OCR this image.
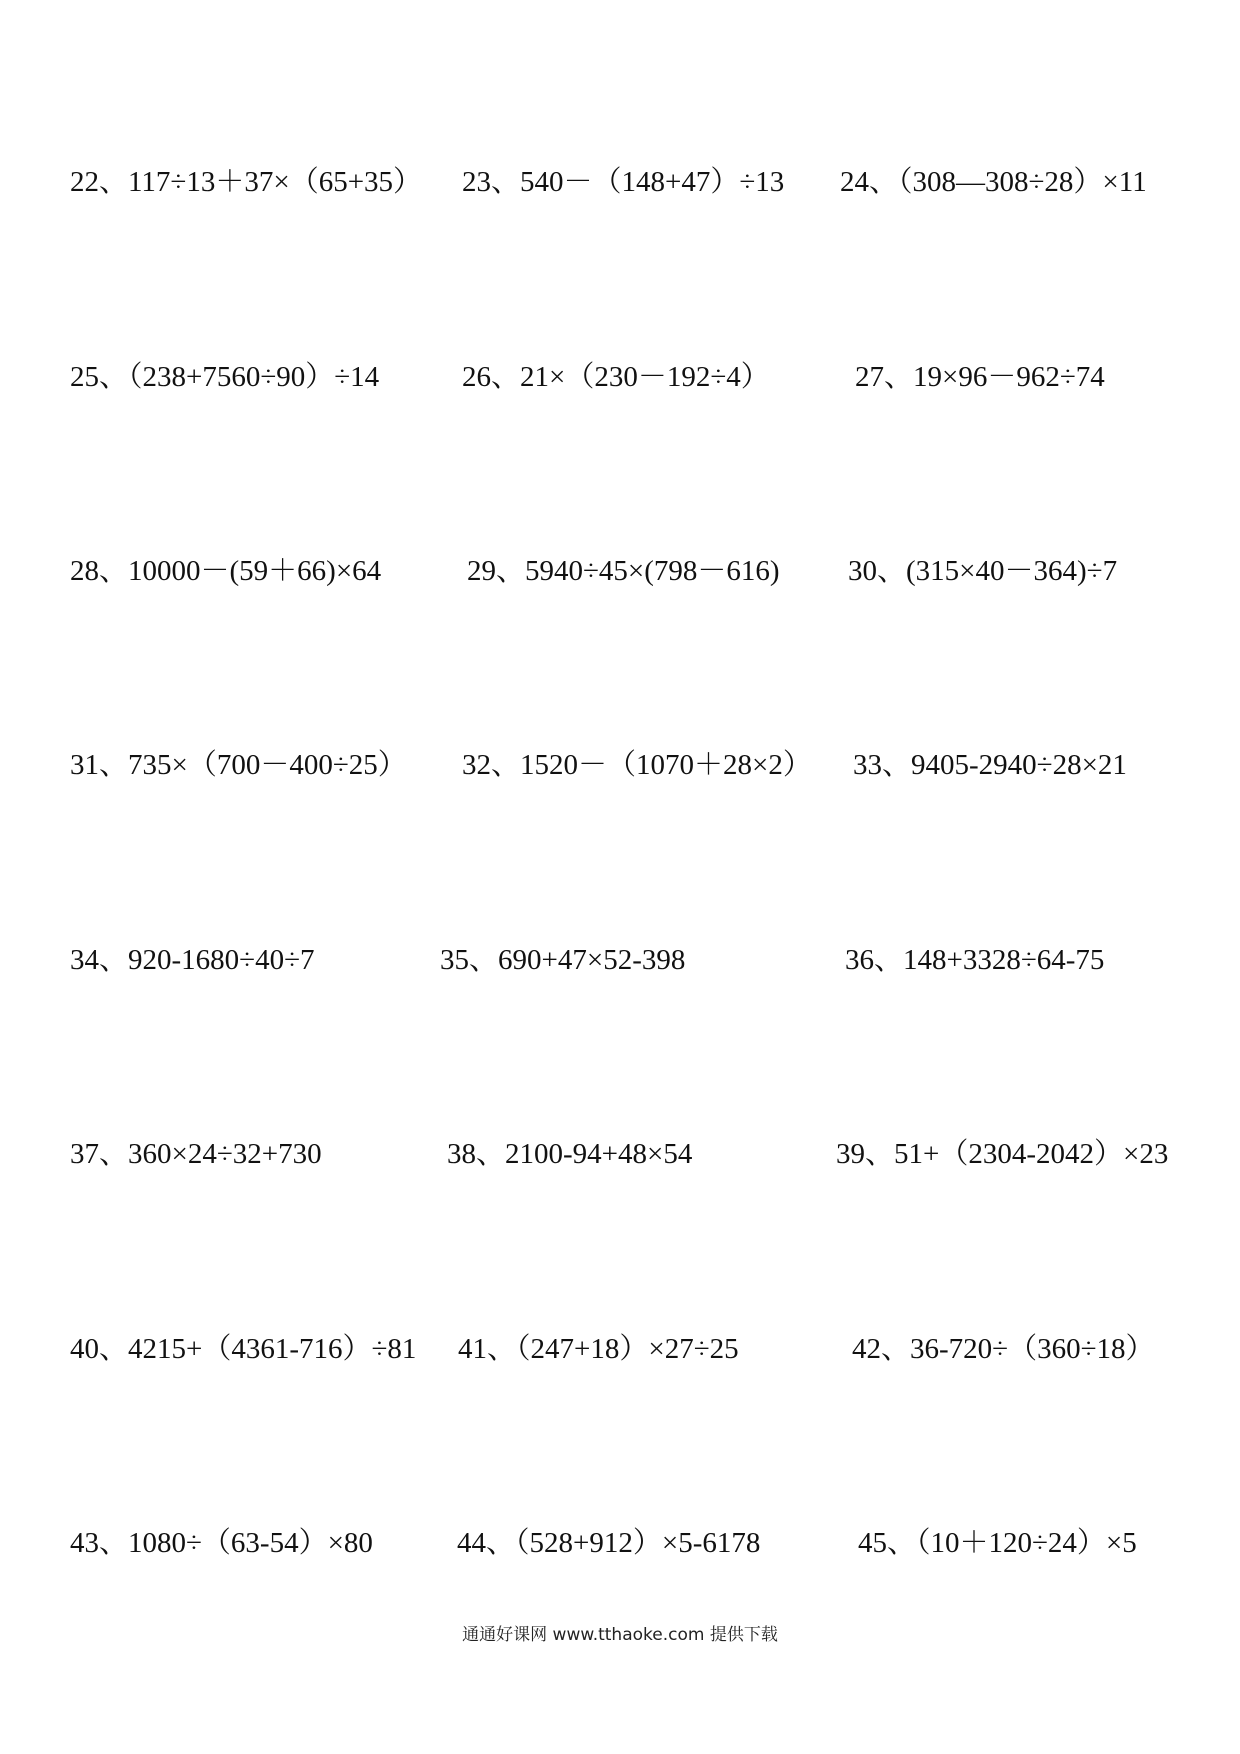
22、117÷13＋37×（65+35） 23、540－（148+47）÷13 24、（308—308÷28）×11
25、（238+7560÷90）÷14	26、21×（230－192÷4）	27、19×96－962÷74
28、10000－(59＋66)×64	29、5940÷45×(798－616) 30、(315×40－364)÷7
31、735×（700－400÷25） 32、1520－（1070＋28×2） 33、9405-2940÷28×21
34、920-1680÷40÷7	35、690+47×52-398	36、148+3328÷64-75
37、360×24÷32+730	38、2100-94+48×54	39、51+（2304-2042）×23
40、4215+（4361-716）÷81 41、（247+18）×27÷25	42、36-720÷（360÷18）
43、1080÷（63-54）×80	44、（528+912）×5-6178	45、（10＋120÷24）×5
通通好课网 www.tthaoke.com 提供下载
